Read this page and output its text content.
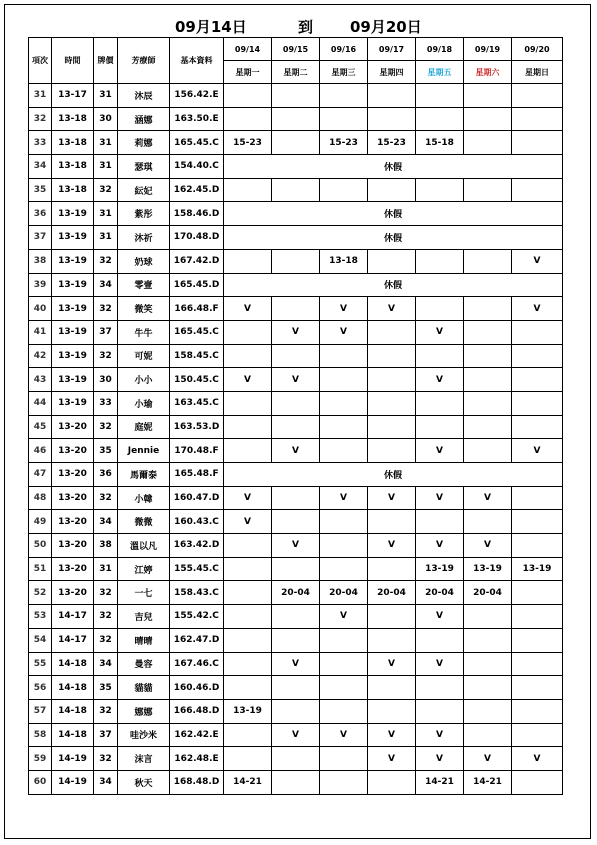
09月14日	到 09月20日
項次	時間	牌價	芳療師	基本資料	09/14	09/15	09/16	09/17	09/18	09/19	09/20
					星期一	星期二	星期三	星期四	星期五	星期六	星期日
31	13-17	31	沐辰	156.42.E							
32	13-18	30	涵娜	163.50.E							
33	13-18	31	莉娜	165.45.C	15-23		15-23	15-23	15-18		
34	13-18	31	瑟琪	154.40.C	休假						
35	13-18	32	紜妃	162.45.D							
36	13-19	31	紫彤	158.46.D	休假						
37	13-19	31	沐祈	170.48.D	休假						
38	13-19	32	奶球	167.42.D			13-18				V
39	13-19	34	零壹	165.45.D	休假						
40	13-19	32	微笑	166.48.F	V		V	V			V
41	13-19	37	牛牛	165.45.C		V	V		V		
42	13-19	32	可妮	158.45.C							
43	13-19	30	小小	150.45.C	V	V			V		
44	13-19	33	小瑜	163.45.C							
45	13-20	32	庭妮	163.53.D							
46	13-20	35	Jennie	170.48.F		V			V		V
47	13-20	36	馬爾泰	165.48.F	休假						
48	13-20	32	小韓	160.47.D	V		V	V	V	V	
49	13-20	34	微微	160.43.C	V						
50	13-20	38	溫以凡	163.42.D		V		V	V	V	
51	13-20	31	江婷	155.45.C					13-19	13-19	13-19
52	13-20	32	一七	158.43.C		20-04	20-04	20-04	20-04	20-04	
53	14-17	32	吉兒	155.42.C			V		V		
54	14-17	32	晴晴	162.47.D							
55	14-18	34	曼容	167.46.C		V		V	V		
56	14-18	35	貓貓	160.46.D							
57	14-18	32	娜娜	166.48.D	13-19						
58	14-18	37	哇沙米	162.42.E		V	V	V	V		
59	14-19	32	沫言	162.48.E				V	V	V	V
60	14-19	34	秋天	168.48.D	14-21				14-21	14-21	
